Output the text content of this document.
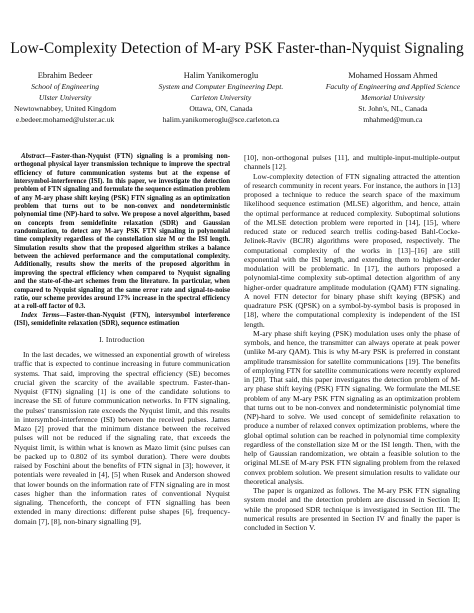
Low-Complexity Detection of M-ary PSK Faster-than-Nyquist Signaling
Ebrahim Bedeer
School of Engineering
Ulster University
Newtownabbey, United Kingdom
e.bedeer.mohamed@ulster.ac.uk
Halim Yanikomeroglu
System and Computer Engineering Dept.
Carleton University
Ottawa, ON, Canada
halim.yanikomeroglu@sce.carleton.ca
Mohamed Hossam Ahmed
Faculty of Engineering and Applied Science
Memorial University
St. John's, NL, Canada
mhahmed@mun.ca

Abstract—Faster-than-Nyquist (FTN) signaling is a promising non-orthogonal physical layer transmission technique to improve the spectral efficiency of future communication systems but at the expense of intersymbol-interference (ISI). In this paper, we investigate the detection problem of FTN signaling and formulate the sequence estimation problem of any M-ary phase shift keying (PSK) FTN signaling as an optimization problem that turns out to be non-convex and nondeterministic polynomial time (NP)-hard to solve. We propose a novel algorithm, based on concepts from semidefinite relaxation (SDR) and Gaussian randomization, to detect any M-ary PSK FTN signaling in polynomial time complexity regardless of the constellation size M or the ISI length. Simulation results show that the proposed algorithm strikes a balance between the achieved performance and the computational complexity. Additionally, results show the merits of the proposed algorithm in improving the spectral efficiency when compared to Nyquist signaling and the state-of-the-art schemes from the literature. In particular, when compared to Nyquist signaling at the same error rate and signal-to-noise ratio, our scheme provides around 17% increase in the spectral efficiency at a roll-off factor of 0.3.

Index Terms—Faster-than-Nyquist (FTN), intersymbol interference (ISI), semidefinite relaxation (SDR), sequence estimation

I. Introduction

In the last decades, we witnessed an exponential growth of wireless traffic that is expected to continue increasing in future communication systems. That said, improving the spectral efficiency (SE) becomes crucial given the scarcity of the available spectrum. Faster-than-Nyquist (FTN) signaling [1] is one of the candidate solutions to increase the SE of future communication networks. In FTN signaling, the pulses' transmission rate exceeds the Nyquist limit, and this results in intersymbol-interference (ISI) between the received pulses. James Mazo [2] proved that the minimum distance between the received pulses will not be reduced if the signaling rate, that exceeds the Nyquist limit, is within what is known as Mazo limit (sinc pulses can be packed up to 0.802 of its symbol duration). There were doubts raised by Foschini about the benefits of FTN signal in [3]; however, it potentials were revealed in [4], [5] when Rusek and Anderson showed that lower bounds on the information rate of FTN signaling are in most cases higher than the information rates of conventional Nyquist signaling. Thenceforth, the concept of FTN signalling has been extended in many directions: different pulse shapes [6], frequency-domain [7], [8], non-binary signalling [9],

[10], non-orthogonal pulses [11], and multiple-input-multiple-output channels [12].

Low-complexity detection of FTN signaling attracted the attention of research community in recent years. For instance, the authors in [13] proposed a technique to reduce the search space of the maximum likelihood sequence estimation (MLSE) algorithm, and hence, attain the optimal performance at reduced complexity. Suboptimal solutions of the MLSE detection problem were reported in [14], [15], where reduced state or reduced search trellis coding-based Bahl-Cocke-Jelinek-Raviv (BCJR) algorithms were proposed, respectively. The computational complexity of the works in [13]–[16] are still exponential with the ISI length, and extending them to higher-order modulation will be problematic. In [17], the authors proposed a polynomial-time complexity sub-optimal detection algorithm of any higher-order quadrature amplitude modulation (QAM) FTN signaling. A novel FTN detector for binary phase shift keying (BPSK) and quadrature PSK (QPSK) on a symbol-by-symbol basis is proposed in [18], where the computational complexity is independent of the ISI length.

M-ary phase shift keying (PSK) modulation uses only the phase of symbols, and hence, the transmitter can always operate at peak power (unlike M-ary QAM). This is why M-ary PSK is preferred in constant amplitude transmission for satellite communications [19]. The benefits of employing FTN for satellite communications were recently explored in [20]. That said, this paper investigates the detection problem of M-ary phase shift keying (PSK) FTN signaling. We formulate the MLSE problem of any M-ary PSK FTN signaling as an optimization problem that turns out to be non-convex and nondeterministic polynomial time (NP)-hard to solve. We used concept of semidefinite relaxation to produce a number of relaxed convex optimization problems, where the global optimal solution can be reached in polynomial time complexity regardless of the constellation size M or the ISI length. Then, with the help of Gaussian randomization, we obtain a feasible solution to the original MLSE of M-ary PSK FTN signaling problem from the relaxed convex problem solution. We present simulation results to validate our theoretical analysis.

The paper is organized as follows. The M-ary PSK FTN signaling system model and the detection problem are discussed in Section II; while the proposed SDR technique is investigated in Section III. The numerical results are presented in Section IV and finally the paper is concluded in Section V.
